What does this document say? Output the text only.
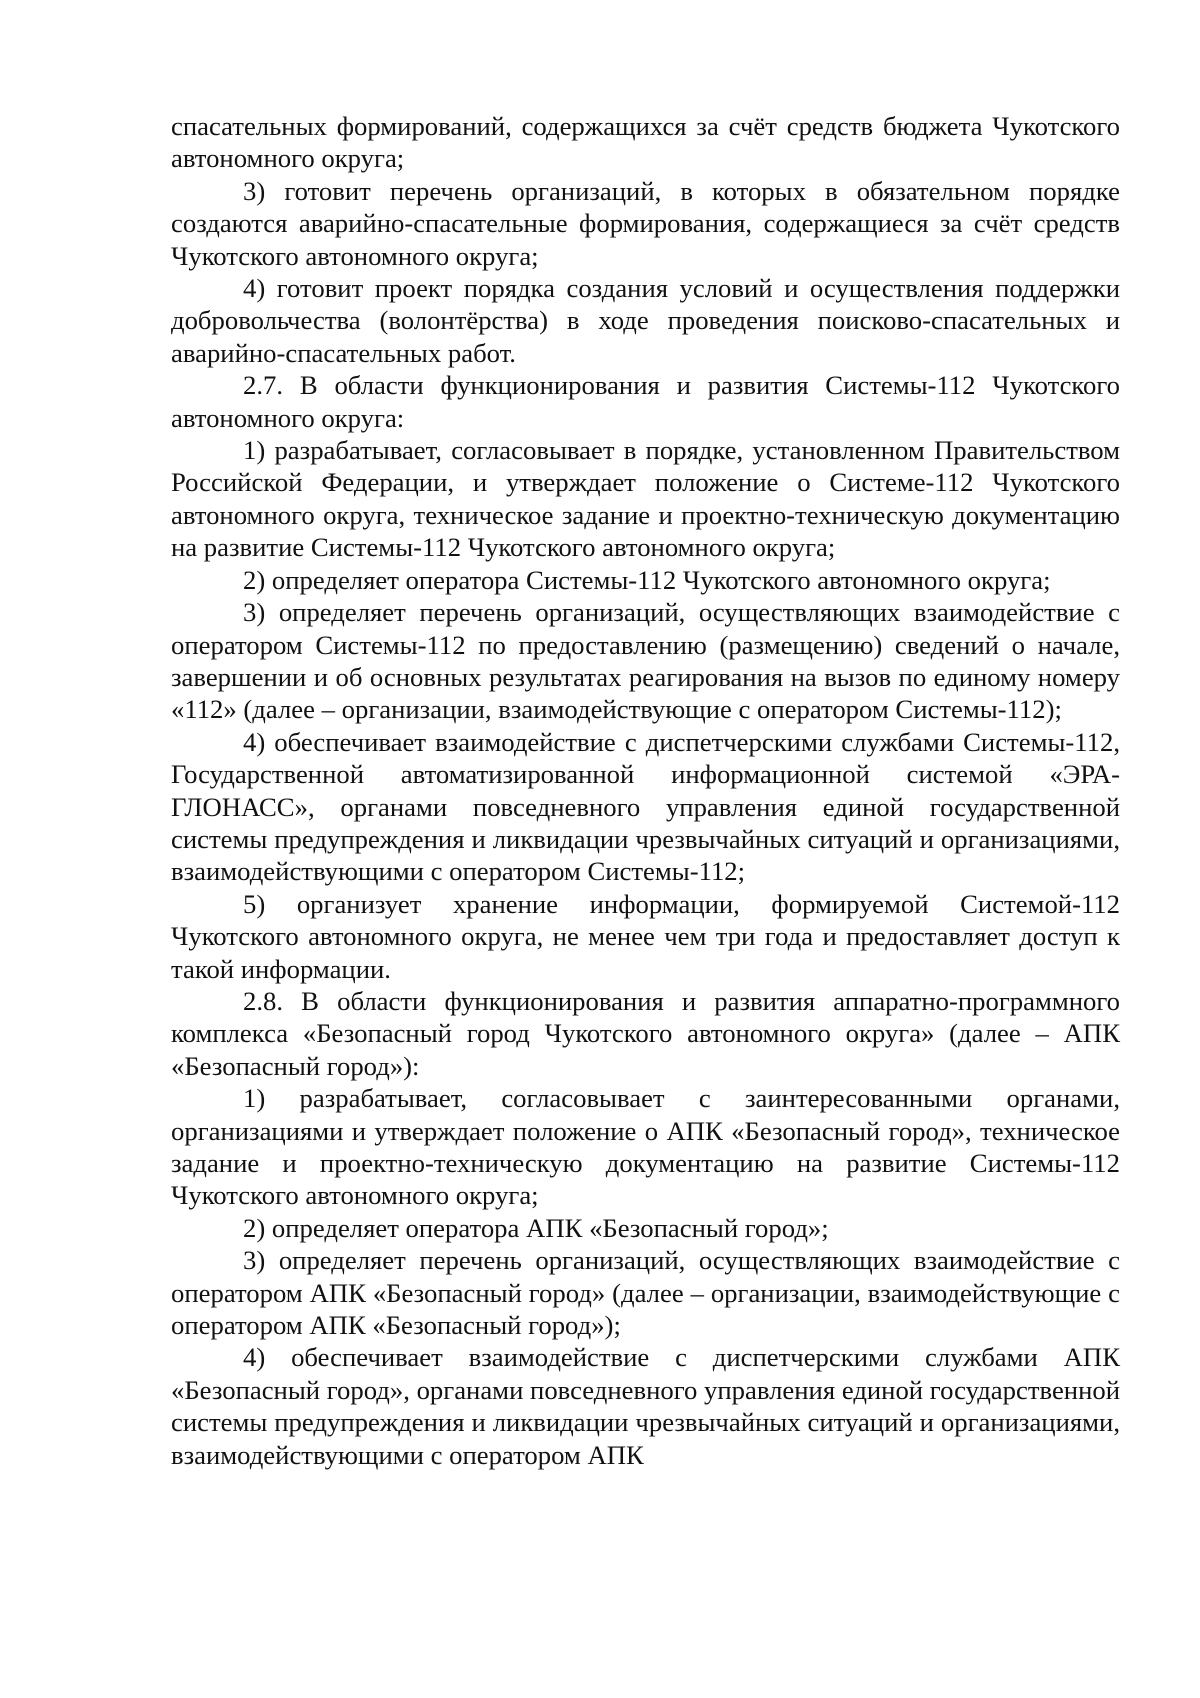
спасательных формирований, содержащихся за счёт средств бюджета Чукотского автономного округа;

3) готовит перечень организаций, в которых в обязательном порядке создаются аварийно-спасательные формирования, содержащиеся за счёт средств Чукотского автономного округа;

4) готовит проект порядка создания условий и осуществления поддержки добровольчества (волонтёрства) в ходе проведения поисково-спасательных и аварийно-спасательных работ.

2.7. В области функционирования и развития Системы-112 Чукотского автономного округа:

1) разрабатывает, согласовывает в порядке, установленном Правительством Российской Федерации, и утверждает положение о Системе-112 Чукотского автономного округа, техническое задание и проектно-техническую документацию на развитие Системы-112 Чукотского автономного округа;

2) определяет оператора Системы-112 Чукотского автономного округа;

3) определяет перечень организаций, осуществляющих взаимодействие с оператором Системы-112 по предоставлению (размещению) сведений о начале, завершении и об основных результатах реагирования на вызов по единому номеру «112» (далее – организации, взаимодействующие с оператором Системы-112);

4) обеспечивает взаимодействие с диспетчерскими службами Системы-112, Государственной автоматизированной информационной системой «ЭРА-ГЛОНАСС», органами повседневного управления единой государственной системы предупреждения и ликвидации чрезвычайных ситуаций и организациями, взаимодействующими с оператором Системы-112;

5) организует хранение информации, формируемой Системой-112 Чукотского автономного округа, не менее чем три года и предоставляет доступ к такой информации.

2.8. В области функционирования и развития аппаратно-программного комплекса «Безопасный город Чукотского автономного округа» (далее – АПК «Безопасный город»):

1) разрабатывает, согласовывает с заинтересованными органами, организациями и утверждает положение о АПК «Безопасный город», техническое задание и проектно-техническую документацию на развитие Системы-112 Чукотского автономного округа;

2) определяет оператора АПК «Безопасный город»;

3) определяет перечень организаций, осуществляющих взаимодействие с оператором АПК «Безопасный город» (далее – организации, взаимодействующие с оператором АПК «Безопасный город»);

4) обеспечивает взаимодействие с диспетчерскими службами АПК «Безопасный город», органами повседневного управления единой государственной системы предупреждения и ликвидации чрезвычайных ситуаций и организациями, взаимодействующими с оператором АПК
